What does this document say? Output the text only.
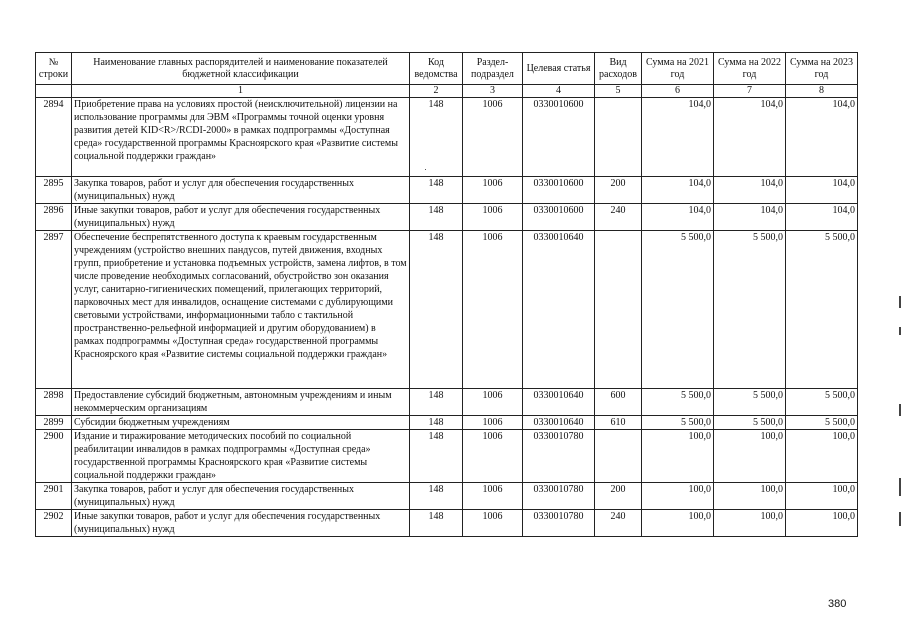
№ строки	Наименование главных распорядителей и наименование показателей бюджетной классификации	Код ведомства	Раздел- подраздел	Целевая статья	Вид расходов	Сумма на 2021 год	Сумма на 2022 год	Сумма на 2023 год
	1	2	3	4	5	6	7	8
2894	Приобретение права на условиях простой (неисключительной) лицензии на использование программы для ЭВМ «Программы точной оценки уровня развития детей KID<R>/RCDI-2000» в рамках подпрограммы «Доступная среда» государственной программы Красноярского края «Развитие системы социальной поддержки граждан»	148	1006	0330010600		104,0	104,0	104,0
2895	Закупка товаров, работ и услуг для обеспечения государственных (муниципальных) нужд	148	1006	0330010600	200	104,0	104,0	104,0
2896	Иные закупки товаров, работ и услуг для обеспечения государственных (муниципальных) нужд	148	1006	0330010600	240	104,0	104,0	104,0
2897	Обеспечение беспрепятственного доступа к краевым государственным учреждениям (устройство внешних пандусов, путей движения, входных групп, приобретение и установка подъемных устройств, замена лифтов, в том числе проведение необходимых согласований, обустройство зон оказания услуг, санитарно-гигиенических помещений, прилегающих территорий, парковочных мест для инвалидов, оснащение системами с дублирующими световыми устройствами, информационными табло с тактильной пространственно-рельефной информацией и другим оборудованием) в рамках подпрограммы «Доступная среда» государственной программы Красноярского края «Развитие системы социальной поддержки граждан»	148	1006	0330010640		5 500,0	5 500,0	5 500,0
2898	Предоставление субсидий бюджетным, автономным учреждениям и иным некоммерческим организациям	148	1006	0330010640	600	5 500,0	5 500,0	5 500,0
2899	Субсидии бюджетным учреждениям	148	1006	0330010640	610	5 500,0	5 500,0	5 500,0
2900	Издание и тиражирование методических пособий по социальной реабилитации инвалидов в рамках подпрограммы «Доступная среда» государственной программы Красноярского края «Развитие системы социальной поддержки граждан»	148	1006	0330010780		100,0	100,0	100,0
2901	Закупка товаров, работ и услуг для обеспечения государственных (муниципальных) нужд	148	1006	0330010780	200	100,0	100,0	100,0
2902	Иные закупки товаров, работ и услуг для обеспечения государственных (муниципальных) нужд	148	1006	0330010780	240	100,0	100,0	100,0
380
